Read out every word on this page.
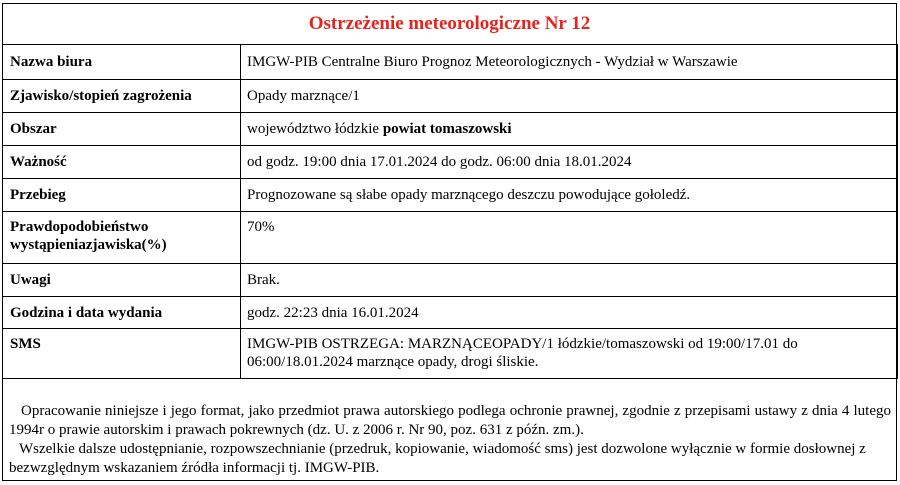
Ostrzeżenie meteorologiczne Nr 12
Nazwa biura	IMGW-PIB Centralne Biuro Prognoz Meteorologicznych - Wydział w Warszawie
Zjawisko/stopień zagrożenia	Opady marznące/1
Obszar	województwo łódzkie powiat tomaszowski
Ważność	od godz. 19:00 dnia 17.01.2024 do godz. 06:00 dnia 18.01.2024
Przebieg	Prognozowane są słabe opady marznącego deszczu powodujące gołoledź.
Prawdopodobieństwo wystąpieniazjawiska(%)	70%
Uwagi	Brak.
Godzina i data wydania	godz. 22:23 dnia 16.01.2024
SMS	IMGW-PIB OSTRZEGA: MARZNĄCEOPADY/1 łódzkie/tomaszowski od 19:00/17.01 do 06:00/18.01.2024 marznące opady, drogi śliskie.

Opracowanie niniejsze i jego format, jako przedmiot prawa autorskiego podlega ochronie prawnej, zgodnie z przepisami ustawy z dnia 4 lutego 1994r o prawie autorskim i prawach pokrewnych (dz. U. z 2006 r. Nr 90, poz. 631 z późn. zm.).

Wszelkie dalsze udostępnianie, rozpowszechnianie (przedruk, kopiowanie, wiadomość sms) jest dozwolone wyłącznie w formie dosłownej z bezwzględnym wskazaniem źródła informacji tj. IMGW-PIB.
